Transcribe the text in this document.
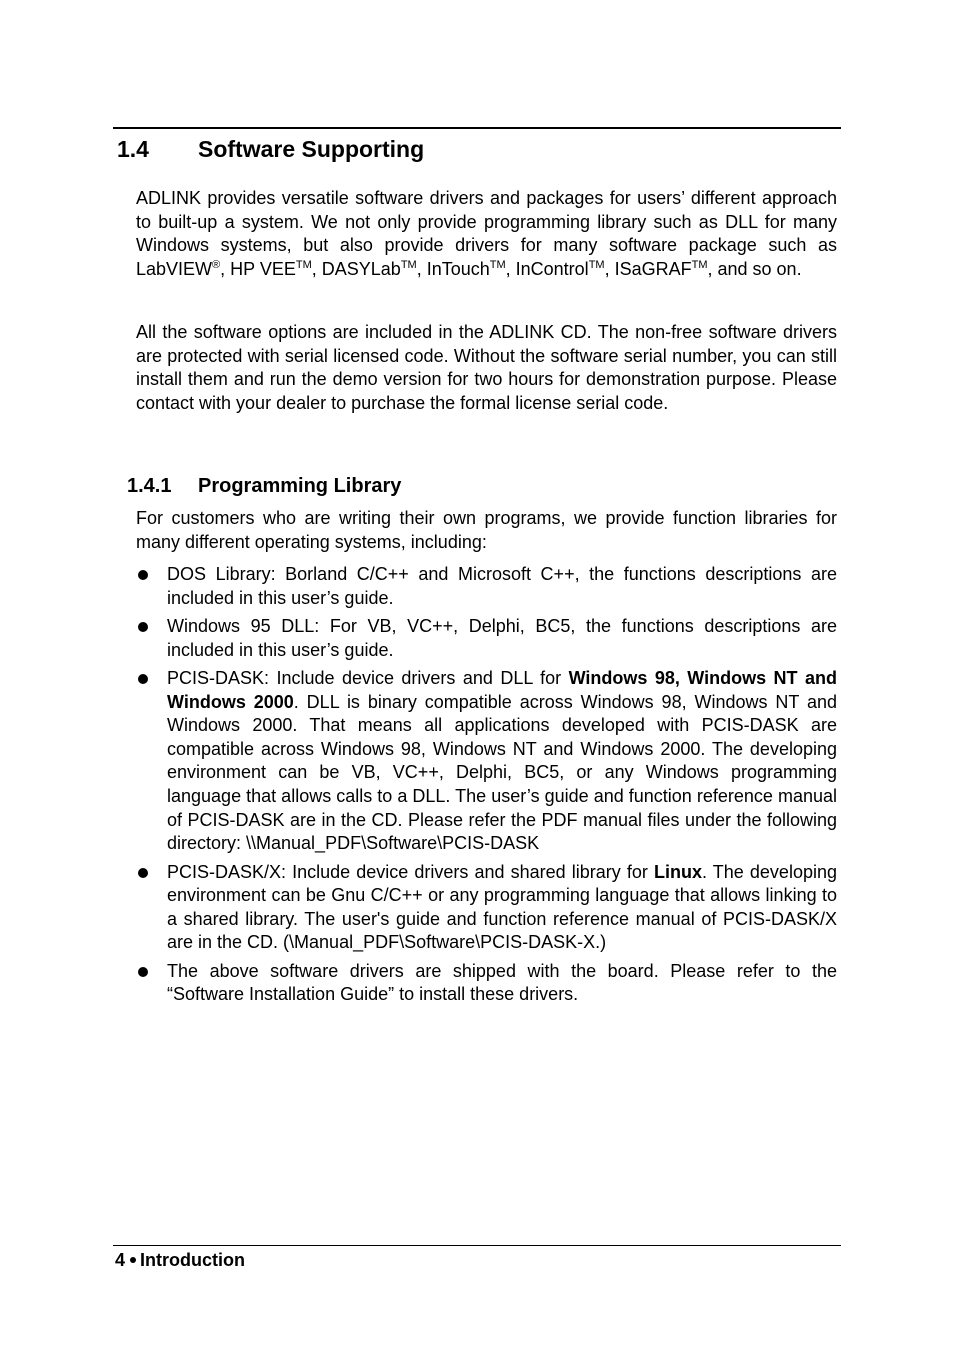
1.4 Software Supporting

ADLINK provides versatile software drivers and packages for users’ different approach to built-up a system. We not only provide programming library such as DLL for many Windows systems, but also provide drivers for many software package such as LabVIEW®, HP VEE™, DASYLab™, InTouch™, InControl™, ISaGRAF™, and so on.

All the software options are included in the ADLINK CD. The non-free software drivers are protected with serial licensed code. Without the software serial number, you can still install them and run the demo version for two hours for demonstration purpose. Please contact with your dealer to purchase the formal license serial code.

1.4.1 Programming Library

For customers who are writing their own programs, we provide function libraries for many different operating systems, including:

DOS Library: Borland C/C++ and Microsoft C++, the functions descriptions are included in this user’s guide.
Windows 95 DLL: For VB, VC++, Delphi, BC5, the functions descriptions are included in this user’s guide.
PCIS-DASK: Include device drivers and DLL for Windows 98, Windows NT and Windows 2000. DLL is binary compatible across Windows 98, Windows NT and Windows 2000. That means all applications developed with PCIS-DASK are compatible across Windows 98, Windows NT and Windows 2000. The developing environment can be VB, VC++, Delphi, BC5, or any Windows programming language that allows calls to a DLL. The user’s guide and function reference manual of PCIS-DASK are in the CD. Please refer the PDF manual files under the following directory: \\Manual_PDF\Software\PCIS-DASK
PCIS-DASK/X: Include device drivers and shared library for Linux. The developing environment can be Gnu C/C++ or any programming language that allows linking to a shared library. The user's guide and function reference manual of PCIS-DASK/X are in the CD. (\Manual_PDF\Software\PCIS-DASK-X.)
The above software drivers are shipped with the board. Please refer to the “Software Installation Guide” to install these drivers.
4 Introduction
